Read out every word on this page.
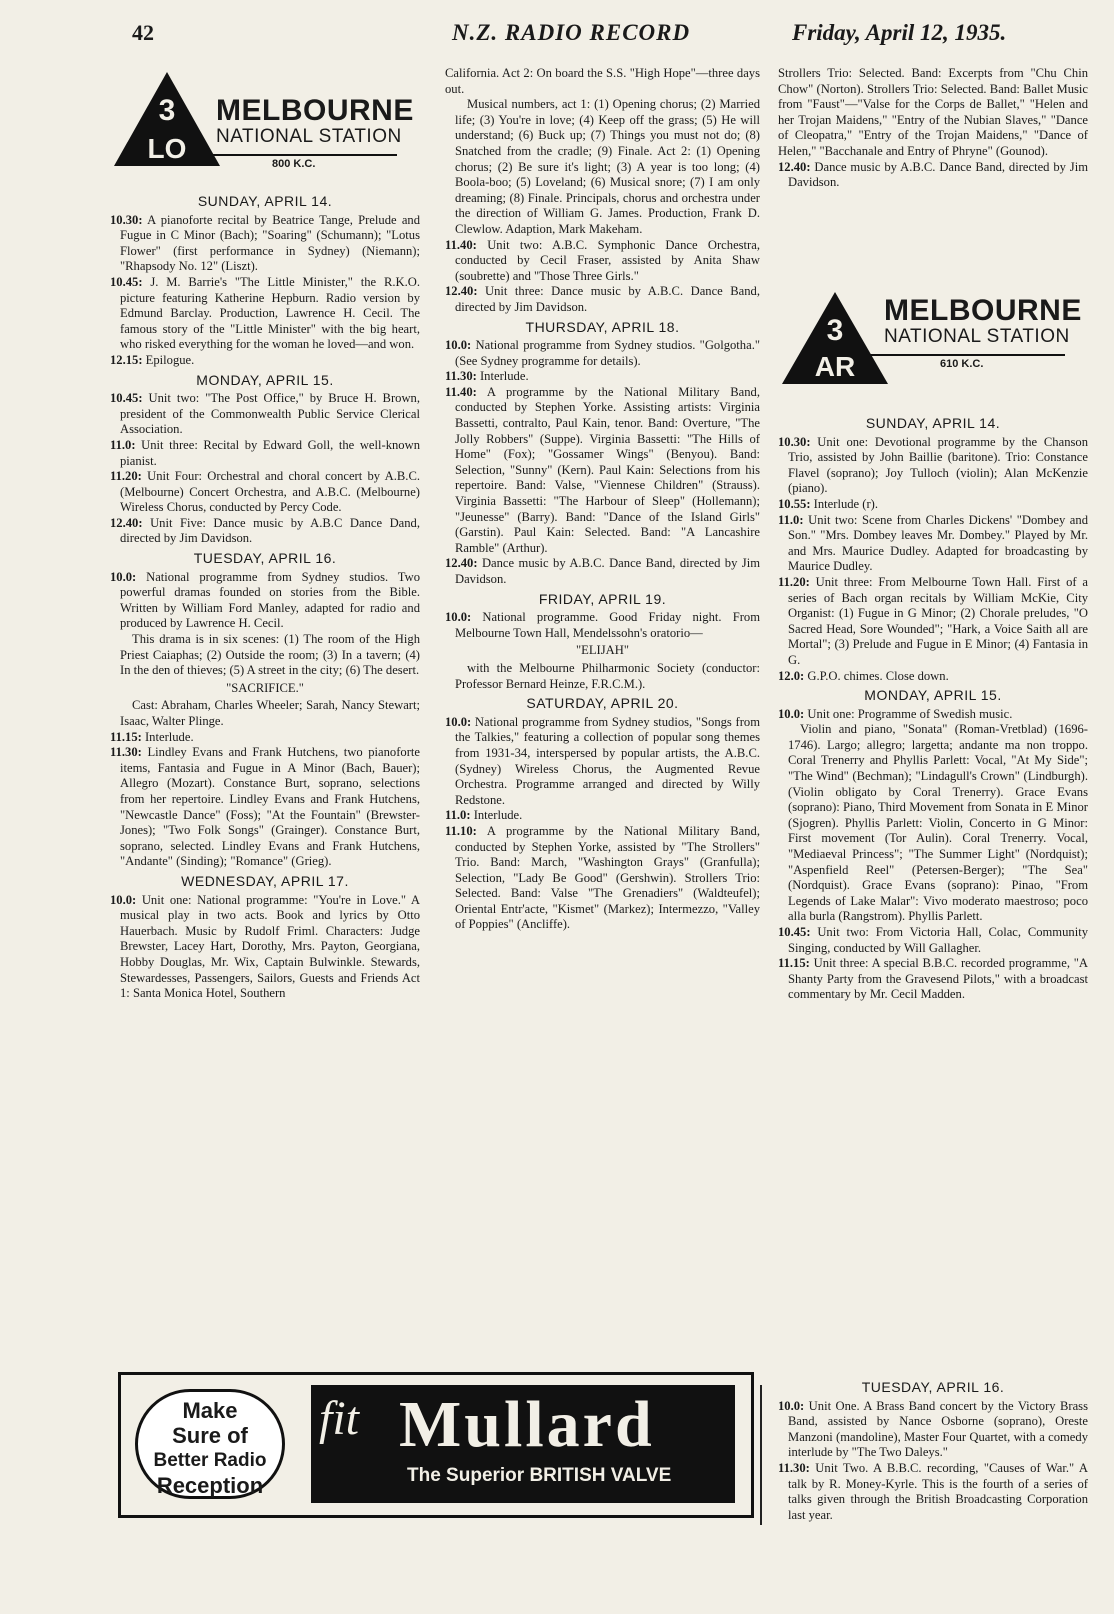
42	N.Z. RADIO RECORD	Friday, April 12, 1935.
3
LO
MELBOURNE
NATIONAL STATION
800 K.C.
3
AR
MELBOURNE
NATIONAL STATION
610 K.C.
SUNDAY, APRIL 14.
10.30: A pianoforte recital by Beatrice Tange, Prelude and Fugue in C Minor (Bach); "Soaring" (Schumann); "Lotus Flower" (first performance in Sydney) (Niemann); "Rhapsody No. 12" (Liszt).
10.45: J. M. Barrie's "The Little Minister," the R.K.O. picture featuring Katherine Hepburn. Radio version by Edmund Barclay. Production, Lawrence H. Cecil. The famous story of the "Little Minister" with the big heart, who risked everything for the woman he loved—and won.
12.15: Epilogue.
MONDAY, APRIL 15.
10.45: Unit two: "The Post Office," by Bruce H. Brown, president of the Commonwealth Public Service Clerical Association.
11.0: Unit three: Recital by Edward Goll, the well-known pianist.
11.20: Unit Four: Orchestral and choral concert by A.B.C. (Melbourne) Concert Orchestra, and A.B.C. (Melbourne) Wireless Chorus, conducted by Percy Code.
12.40: Unit Five: Dance music by A.B.C Dance Dand, directed by Jim Davidson.
TUESDAY, APRIL 16.
10.0: National programme from Sydney studios. Two powerful dramas founded on stories from the Bible. Written by William Ford Manley, adapted for radio and produced by Lawrence H. Cecil.
This drama is in six scenes: (1) The room of the High Priest Caiaphas; (2) Outside the room; (3) In a tavern; (4) In the den of thieves; (5) A street in the city; (6) The desert.
"SACRIFICE."
Cast: Abraham, Charles Wheeler; Sarah, Nancy Stewart; Isaac, Walter Plinge.
11.15: Interlude.
11.30: Lindley Evans and Frank Hutchens, two pianoforte items, Fantasia and Fugue in A Minor (Bach, Bauer); Allegro (Mozart). Constance Burt, soprano, selections from her repertoire. Lindley Evans and Frank Hutchens, "Newcastle Dance" (Foss); "At the Fountain" (Brewster-Jones); "Two Folk Songs" (Grainger). Constance Burt, soprano, selected. Lindley Evans and Frank Hutchens, "Andante" (Sinding); "Romance" (Grieg).
WEDNESDAY, APRIL 17.
10.0: Unit one: National programme: "You're in Love." A musical play in two acts. Book and lyrics by Otto Hauerbach. Music by Rudolf Friml. Characters: Judge Brewster, Lacey Hart, Dorothy, Mrs. Payton, Georgiana, Hobby Douglas, Mr. Wix, Captain Bulwinkle. Stewards, Stewardesses, Passengers, Sailors, Guests and Friends Act 1: Santa Monica Hotel, Southern
California. Act 2: On board the S.S. "High Hope"—three days out.
Musical numbers, act 1: (1) Opening chorus; (2) Married life; (3) You're in love; (4) Keep off the grass; (5) He will understand; (6) Buck up; (7) Things you must not do; (8) Snatched from the cradle; (9) Finale. Act 2: (1) Opening chorus; (2) Be sure it's light; (3) A year is too long; (4) Boola-boo; (5) Loveland; (6) Musical snore; (7) I am only dreaming; (8) Finale. Principals, chorus and orchestra under the direction of William G. James. Production, Frank D. Clewlow. Adaption, Mark Makeham.
11.40: Unit two: A.B.C. Symphonic Dance Orchestra, conducted by Cecil Fraser, assisted by Anita Shaw (soubrette) and "Those Three Girls."
12.40: Unit three: Dance music by A.B.C. Dance Band, directed by Jim Davidson.
THURSDAY, APRIL 18.
10.0: National programme from Sydney studios. "Golgotha." (See Sydney programme for details).
11.30: Interlude.
11.40: A programme by the National Military Band, conducted by Stephen Yorke. Assisting artists: Virginia Bassetti, contralto, Paul Kain, tenor. Band: Overture, "The Jolly Robbers" (Suppe). Virginia Bassetti: "The Hills of Home" (Fox); "Gossamer Wings" (Benyou). Band: Selection, "Sunny" (Kern). Paul Kain: Selections from his repertoire. Band: Valse, "Viennese Children" (Strauss). Virginia Bassetti: "The Harbour of Sleep" (Hollemann); "Jeunesse" (Barry). Band: "Dance of the Island Girls" (Garstin). Paul Kain: Selected. Band: "A Lancashire Ramble" (Arthur).
12.40: Dance music by A.B.C. Dance Band, directed by Jim Davidson.
FRIDAY, APRIL 19.
10.0: National programme. Good Friday night. From Melbourne Town Hall, Mendelssohn's oratorio—
"ELIJAH"
with the Melbourne Philharmonic Society (conductor: Professor Bernard Heinze, F.R.C.M.).
SATURDAY, APRIL 20.
10.0: National programme from Sydney studios, "Songs from the Talkies," featuring a collection of popular song themes from 1931-34, interspersed by popular artists, the A.B.C. (Sydney) Wireless Chorus, the Augmented Revue Orchestra. Programme arranged and directed by Willy Redstone.
11.0: Interlude.
11.10: A programme by the National Military Band, conducted by Stephen Yorke, assisted by "The Strollers" Trio. Band: March, "Washington Grays" (Granfulla); Selection, "Lady Be Good" (Gershwin). Strollers Trio: Selected. Band: Valse "The Grenadiers" (Waldteufel); Oriental Entr'acte, "Kismet" (Markez); Intermezzo, "Valley of Poppies" (Ancliffe).
Strollers Trio: Selected. Band: Excerpts from "Chu Chin Chow" (Norton). Strollers Trio: Selected. Band: Ballet Music from "Faust"—"Valse for the Corps de Ballet," "Helen and her Trojan Maidens," "Entry of the Nubian Slaves," "Dance of Cleopatra," "Entry of the Trojan Maidens," "Dance of Helen," "Bacchanale and Entry of Phryne" (Gounod).
12.40: Dance music by A.B.C. Dance Band, directed by Jim Davidson.
SUNDAY, APRIL 14.
10.30: Unit one: Devotional programme by the Chanson Trio, assisted by John Baillie (baritone). Trio: Constance Flavel (soprano); Joy Tulloch (violin); Alan McKenzie (piano).
10.55: Interlude (r).
11.0: Unit two: Scene from Charles Dickens' "Dombey and Son." "Mrs. Dombey leaves Mr. Dombey." Played by Mr. and Mrs. Maurice Dudley. Adapted for broadcasting by Maurice Dudley.
11.20: Unit three: From Melbourne Town Hall. First of a series of Bach organ recitals by William McKie, City Organist: (1) Fugue in G Minor; (2) Chorale preludes, "O Sacred Head, Sore Wounded"; "Hark, a Voice Saith all are Mortal"; (3) Prelude and Fugue in E Minor; (4) Fantasia in G.
12.0: G.P.O. chimes. Close down.
MONDAY, APRIL 15.
10.0: Unit one: Programme of Swedish music.
Violin and piano, "Sonata" (Roman-Vretblad) (1696-1746). Largo; allegro; largetta; andante ma non troppo. Coral Trenerry and Phyllis Parlett: Vocal, "At My Side"; "The Wind" (Bechman); "Lindagull's Crown" (Lindburgh). (Violin obligato by Coral Trenerry). Grace Evans (soprano): Piano, Third Movement from Sonata in E Minor (Sjogren). Phyllis Parlett: Violin, Concerto in G Minor: First movement (Tor Aulin). Coral Trenerry. Vocal, "Mediaeval Princess"; "The Summer Light" (Nordquist); "Aspenfield Reel" (Petersen-Berger); "The Sea" (Nordquist). Grace Evans (soprano): Pinao, "From Legends of Lake Malar": Vivo moderato maestroso; poco alla burla (Rangstrom). Phyllis Parlett.
10.45: Unit two: From Victoria Hall, Colac, Community Singing, conducted by Will Gallagher.
11.15: Unit three: A special B.B.C. recorded programme, "A Shanty Party from the Gravesend Pilots," with a broadcast commentary by Mr. Cecil Madden.
TUESDAY, APRIL 16.
10.0: Unit One. A Brass Band concert by the Victory Brass Band, assisted by Nance Osborne (soprano), Oreste Manzoni (mandoline), Master Four Quartet, with a comedy interlude by "The Two Daleys."
11.30: Unit Two. A B.B.C. recording, "Causes of War." A talk by R. Money-Kyrle. This is the fourth of a series of talks given through the British Broadcasting Corporation last year.
Make
Sure of
Better Radio
Reception
fit Mullard
The Superior BRITISH VALVE
